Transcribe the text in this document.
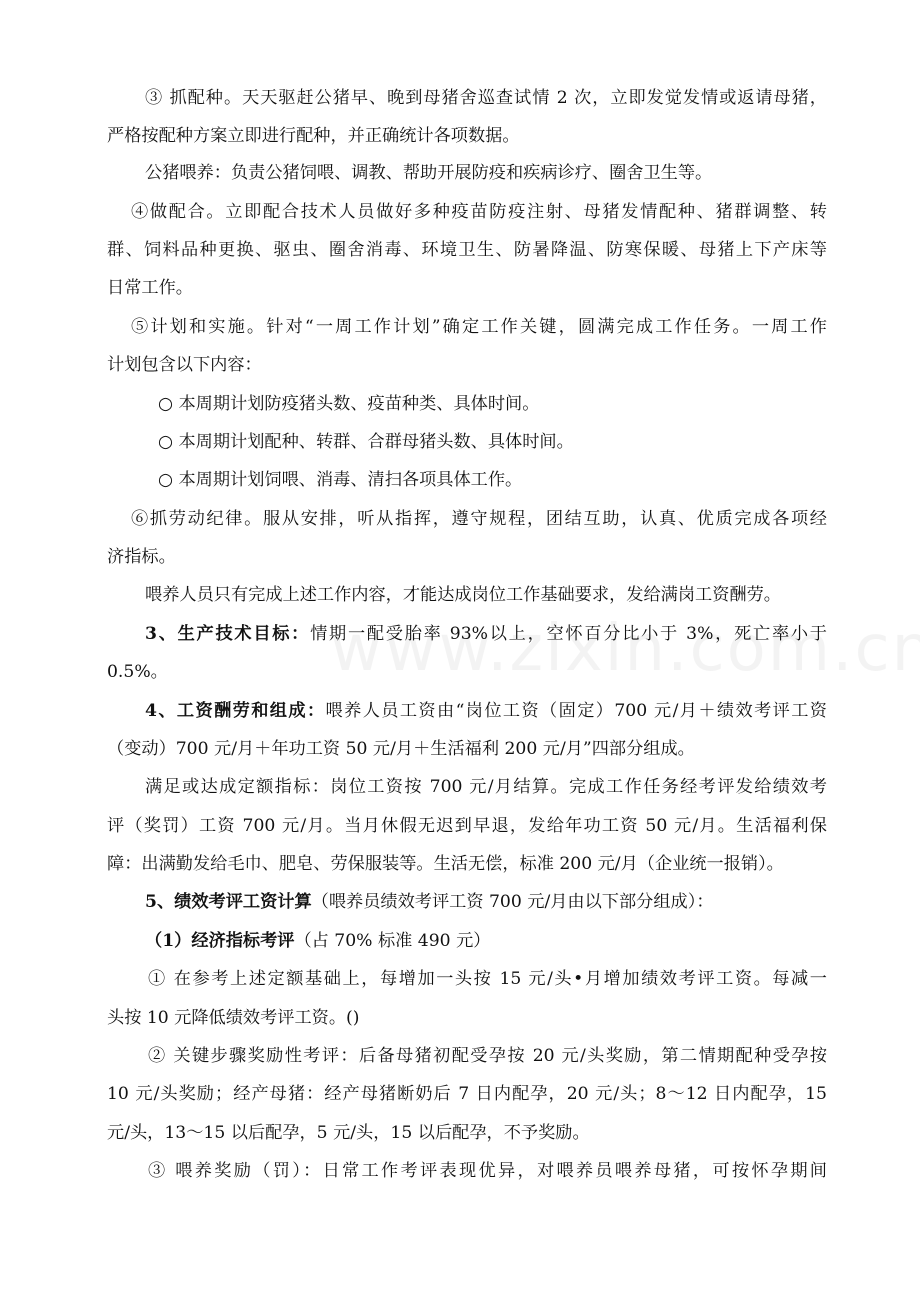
③ 抓配种。天天驱赶公猪早、晚到母猪舍巡查试情 2 次，立即发觉发情或返请母猪，
严格按配种方案立即进行配种，并正确统计各项数据。
公猪喂养：负责公猪饲喂、调教、帮助开展防疫和疾病诊疗、圈舍卫生等。
④做配合。立即配合技术人员做好多种疫苗防疫注射、母猪发情配种、猪群调整、转
群、饲料品种更换、驱虫、圈舍消毒、环境卫生、防暑降温、防寒保暖、母猪上下产床等
日常工作。
⑤计划和实施。针对“一周工作计划”确定工作关键，圆满完成工作任务。一周工作
计划包含以下内容：
○ 本周期计划防疫猪头数、疫苗种类、具体时间。
○ 本周期计划配种、转群、合群母猪头数、具体时间。
○ 本周期计划饲喂、消毒、清扫各项具体工作。
⑥抓劳动纪律。服从安排，听从指挥，遵守规程，团结互助，认真、优质完成各项经
济指标。
喂养人员只有完成上述工作内容，才能达成岗位工作基础要求，发给满岗工资酬劳。
3、生产技术目标：情期一配受胎率 93%以上，空怀百分比小于 3%，死亡率小于
0.5%。
4、工资酬劳和组成：喂养人员工资由“岗位工资（固定）700 元/月＋绩效考评工资
（变动）700 元/月＋年功工资 50 元/月＋生活福利 200 元/月”四部分组成。
满足或达成定额指标：岗位工资按 700 元/月结算。完成工作任务经考评发给绩效考
评（奖罚）工资 700 元/月。当月休假无迟到早退，发给年功工资 50 元/月。生活福利保
障：出满勤发给毛巾、肥皂、劳保服装等。生活无偿，标准 200 元/月（企业统一报销）。
5、绩效考评工资计算（喂养员绩效考评工资 700 元/月由以下部分组成）：
（1）经济指标考评（占 70% 标准 490 元）
① 在参考上述定额基础上，每增加一头按 15 元/头•月增加绩效考评工资。每减一
头按 10 元降低绩效考评工资。()
② 关键步骤奖励性考评：后备母猪初配受孕按 20 元/头奖励，第二情期配种受孕按
10 元/头奖励；经产母猪：经产母猪断奶后 7 日内配孕，20 元/头；8～12 日内配孕，15
元/头，13～15 以后配孕，5 元/头，15 以后配孕，不予奖励。
③ 喂养奖励（罚）：日常工作考评表现优异，对喂养员喂养母猪，可按怀孕期间
